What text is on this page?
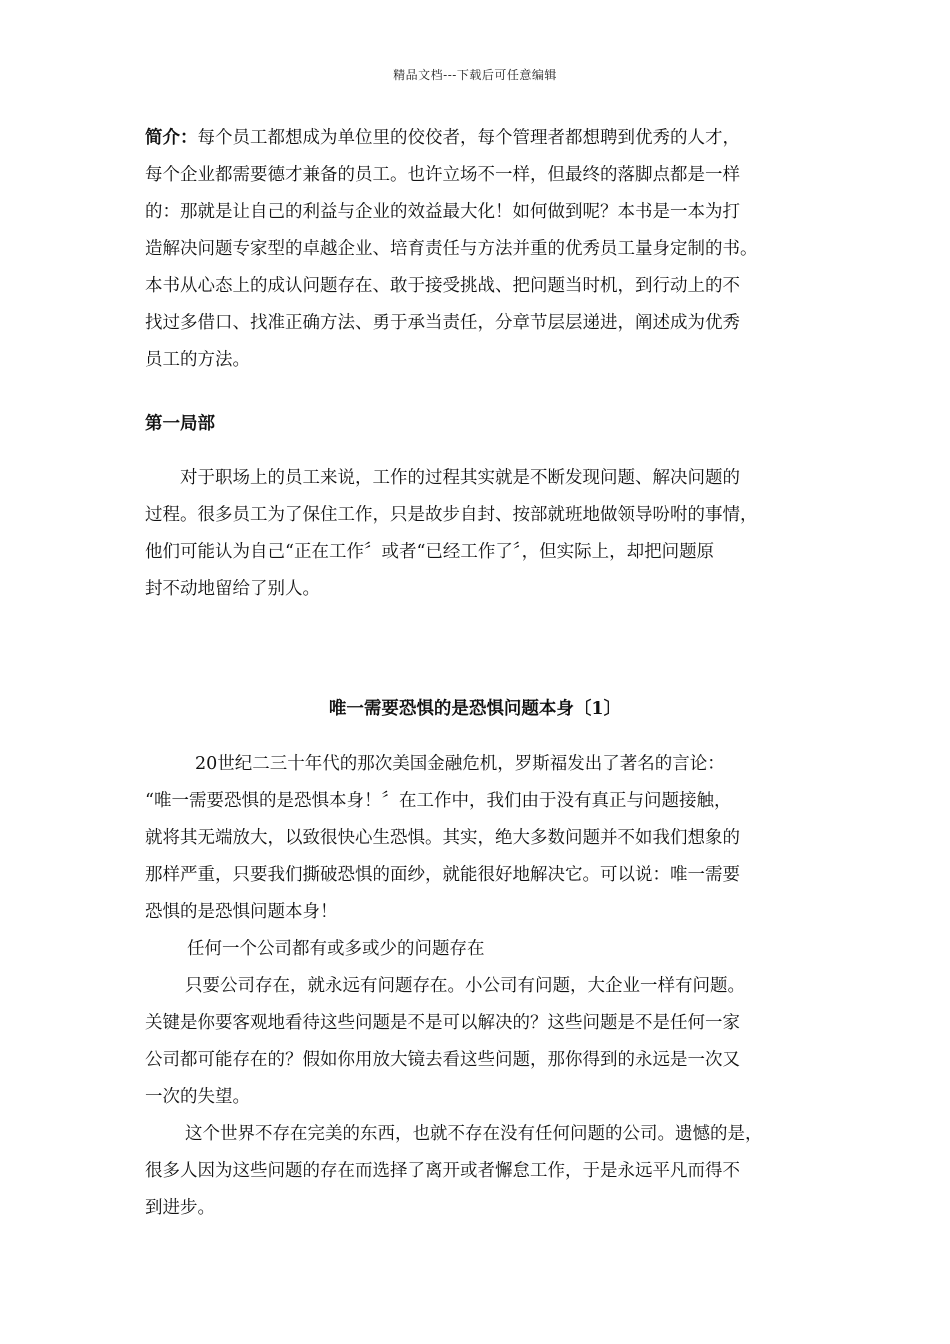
精品文档---下载后可任意编辑
简介：每个员工都想成为单位里的佼佼者，每个管理者都想聘到优秀的人才，
每个企业都需要德才兼备的员工。也许立场不一样，但最终的落脚点都是一样
的：那就是让自己的利益与企业的效益最大化！如何做到呢？本书是一本为打
造解决问题专家型的卓越企业、培育责任与方法并重的优秀员工量身定制的书。
本书从心态上的成认问题存在、敢于接受挑战、把问题当时机，到行动上的不
找过多借口、找准正确方法、勇于承当责任，分章节层层递进，阐述成为优秀
员工的方法。
第一局部
对于职场上的员工来说，工作的过程其实就是不断发现问题、解决问题的
过程。很多员工为了保住工作，只是故步自封、按部就班地做领导吩咐的事情，
他们可能认为自己“正在工作〞或者“已经工作了〞，但实际上，却把问题原
封不动地留给了别人。
唯一需要恐惧的是恐惧问题本身〔1〕
20世纪二三十年代的那次美国金融危机，罗斯福发出了著名的言论：
“唯一需要恐惧的是恐惧本身！〞在工作中，我们由于没有真正与问题接触，
就将其无端放大，以致很快心生恐惧。其实，绝大多数问题并不如我们想象的
那样严重，只要我们撕破恐惧的面纱，就能很好地解决它。可以说：唯一需要
恐惧的是恐惧问题本身！
任何一个公司都有或多或少的问题存在
只要公司存在，就永远有问题存在。小公司有问题，大企业一样有问题。
关键是你要客观地看待这些问题是不是可以解决的？这些问题是不是任何一家
公司都可能存在的？假如你用放大镜去看这些问题，那你得到的永远是一次又
一次的失望。
这个世界不存在完美的东西，也就不存在没有任何问题的公司。遗憾的是，
很多人因为这些问题的存在而选择了离开或者懈怠工作，于是永远平凡而得不
到进步。
